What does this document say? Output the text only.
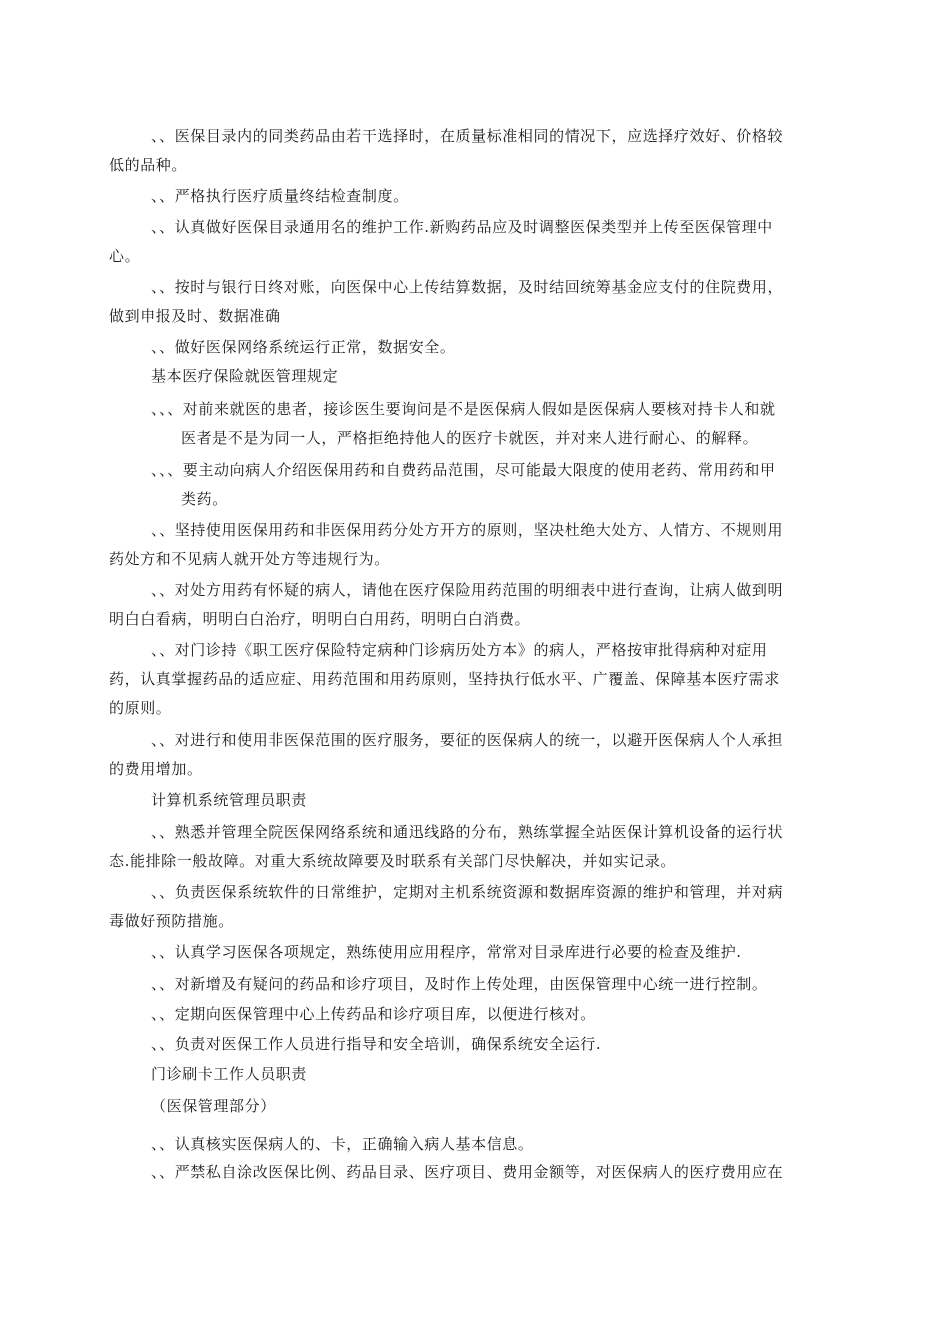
、、医保目录内的同类药品由若干选择时，在质量标准相同的情况下，应选择疗效好、价格较
低的品种。
、、严格执行医疗质量终结检查制度。
、、认真做好医保目录通用名的维护工作.新购药品应及时调整医保类型并上传至医保管理中
心。
、、按时与银行日终对账，向医保中心上传结算数据，及时结回统筹基金应支付的住院费用，
做到申报及时、数据准确
、、做好医保网络系统运行正常，数据安全。
基本医疗保险就医管理规定
、、、对前来就医的患者，接诊医生要询问是不是医保病人假如是医保病人要核对持卡人和就
医者是不是为同一人，严格拒绝持他人的医疗卡就医，并对来人进行耐心、的解释。
、、、要主动向病人介绍医保用药和自费药品范围，尽可能最大限度的使用老药、常用药和甲
类药。
、、坚持使用医保用药和非医保用药分处方开方的原则，坚决杜绝大处方、人情方、不规则用
药处方和不见病人就开处方等违规行为。
、、对处方用药有怀疑的病人，请他在医疗保险用药范围的明细表中进行查询，让病人做到明
明白白看病，明明白白治疗，明明白白用药，明明白白消费。
、、对门诊持《职工医疗保险特定病种门诊病历处方本》的病人，严格按审批得病种对症用
药，认真掌握药品的适应症、用药范围和用药原则，坚持执行低水平、广覆盖、保障基本医疗需求
的原则。
、、对进行和使用非医保范围的医疗服务，要征的医保病人的统一，以避开医保病人个人承担
的费用增加。
计算机系统管理员职责
、、熟悉并管理全院医保网络系统和通迅线路的分布，熟练掌握全站医保计算机设备的运行状
态.能排除一般故障。对重大系统故障要及时联系有关部门尽快解决，并如实记录。
、、负责医保系统软件的日常维护，定期对主机系统资源和数据库资源的维护和管理，并对病
毒做好预防措施。
、、认真学习医保各项规定，熟练使用应用程序，常常对目录库进行必要的检查及维护.
、、对新增及有疑问的药品和诊疗项目，及时作上传处理，由医保管理中心统一进行控制。
、、定期向医保管理中心上传药品和诊疗项目库，以便进行核对。
、、负责对医保工作人员进行指导和安全培训，确保系统安全运行.
门诊刷卡工作人员职责
（医保管理部分）
、、认真核实医保病人的、卡，正确输入病人基本信息。
、、严禁私自涂改医保比例、药品目录、医疗项目、费用金额等，对医保病人的医疗费用应在
